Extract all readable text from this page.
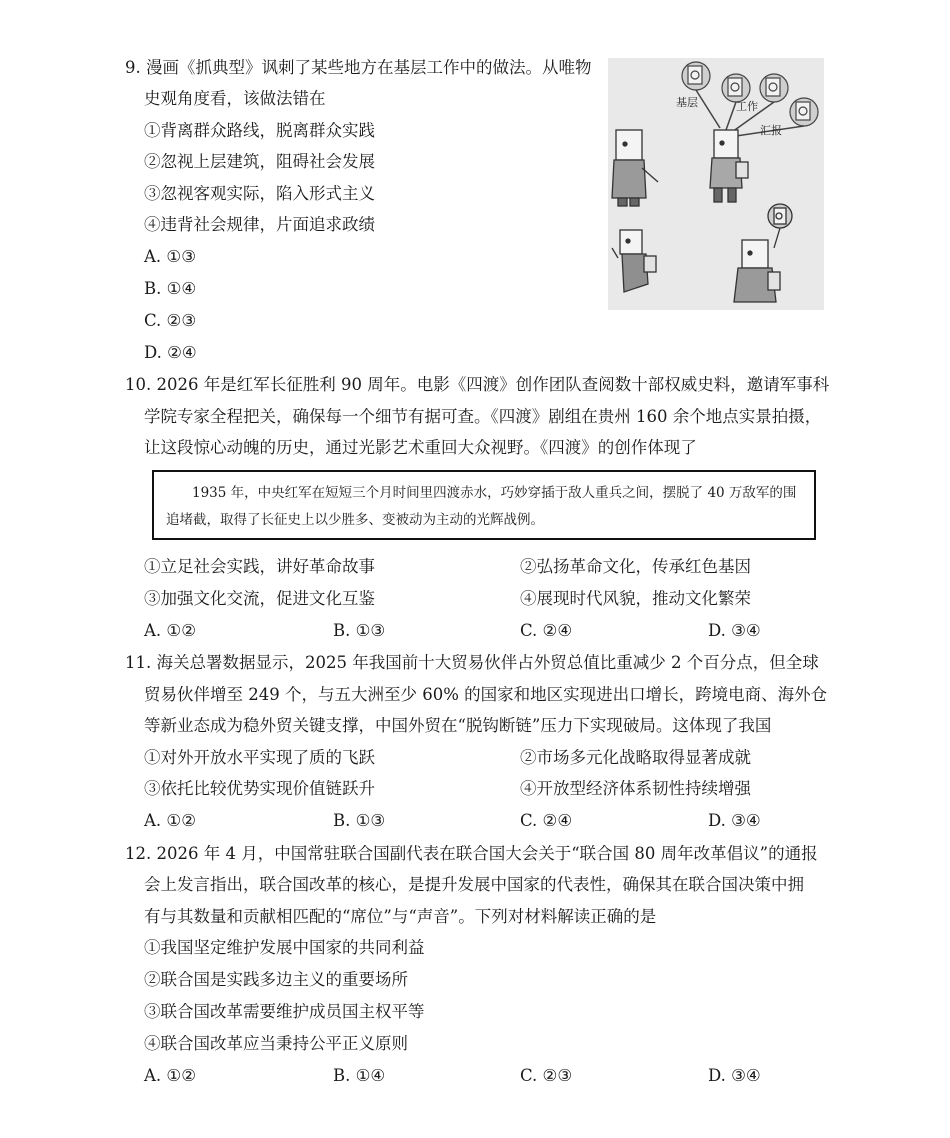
9. 漫画《抓典型》讽刺了某些地方在基层工作中的做法。从唯物
史观角度看，该做法错在
①背离群众路线，脱离群众实践
②忽视上层建筑，阻碍社会发展
③忽视客观实际，陷入形式主义
④违背社会规律，片面追求政绩
A. ①③
B. ①④
C. ②③
D. ②④
基层	工作
汇报
10. 2026 年是红军长征胜利 90 周年。电影《四渡》创作团队查阅数十部权威史料，邀请军事科
学院专家全程把关，确保每一个细节有据可查。《四渡》剧组在贵州 160 余个地点实景拍摄，
让这段惊心动魄的历史，通过光影艺术重回大众视野。《四渡》的创作体现了

1935 年，中央红军在短短三个月时间里四渡赤水，巧妙穿插于敌人重兵之间，摆脱了 40 万敌军的围

追堵截，取得了长征史上以少胜多、变被动为主动的光辉战例。

①立足社会实践，讲好革命故事	②弘扬革命文化，传承红色基因
③加强文化交流，促进文化互鉴	④展现时代风貌，推动文化繁荣
A. ①②	B. ①③	C. ②④	D. ③④
11. 海关总署数据显示，2025 年我国前十大贸易伙伴占外贸总值比重减少 2 个百分点，但全球
贸易伙伴增至 249 个，与五大洲至少 60% 的国家和地区实现进出口增长，跨境电商、海外仓
等新业态成为稳外贸关键支撑，中国外贸在“脱钩断链”压力下实现破局。这体现了我国
①对外开放水平实现了质的飞跃	②市场多元化战略取得显著成就
③依托比较优势实现价值链跃升	④开放型经济体系韧性持续增强
A. ①②	B. ①③	C. ②④	D. ③④
12. 2026 年 4 月，中国常驻联合国副代表在联合国大会关于“联合国 80 周年改革倡议”的通报
会上发言指出，联合国改革的核心，是提升发展中国家的代表性，确保其在联合国决策中拥
有与其数量和贡献相匹配的“席位”与“声音”。下列对材料解读正确的是
①我国坚定维护发展中国家的共同利益
②联合国是实践多边主义的重要场所
③联合国改革需要维护成员国主权平等
④联合国改革应当秉持公平正义原则
A. ①②	B. ①④	C. ②③	D. ③④
